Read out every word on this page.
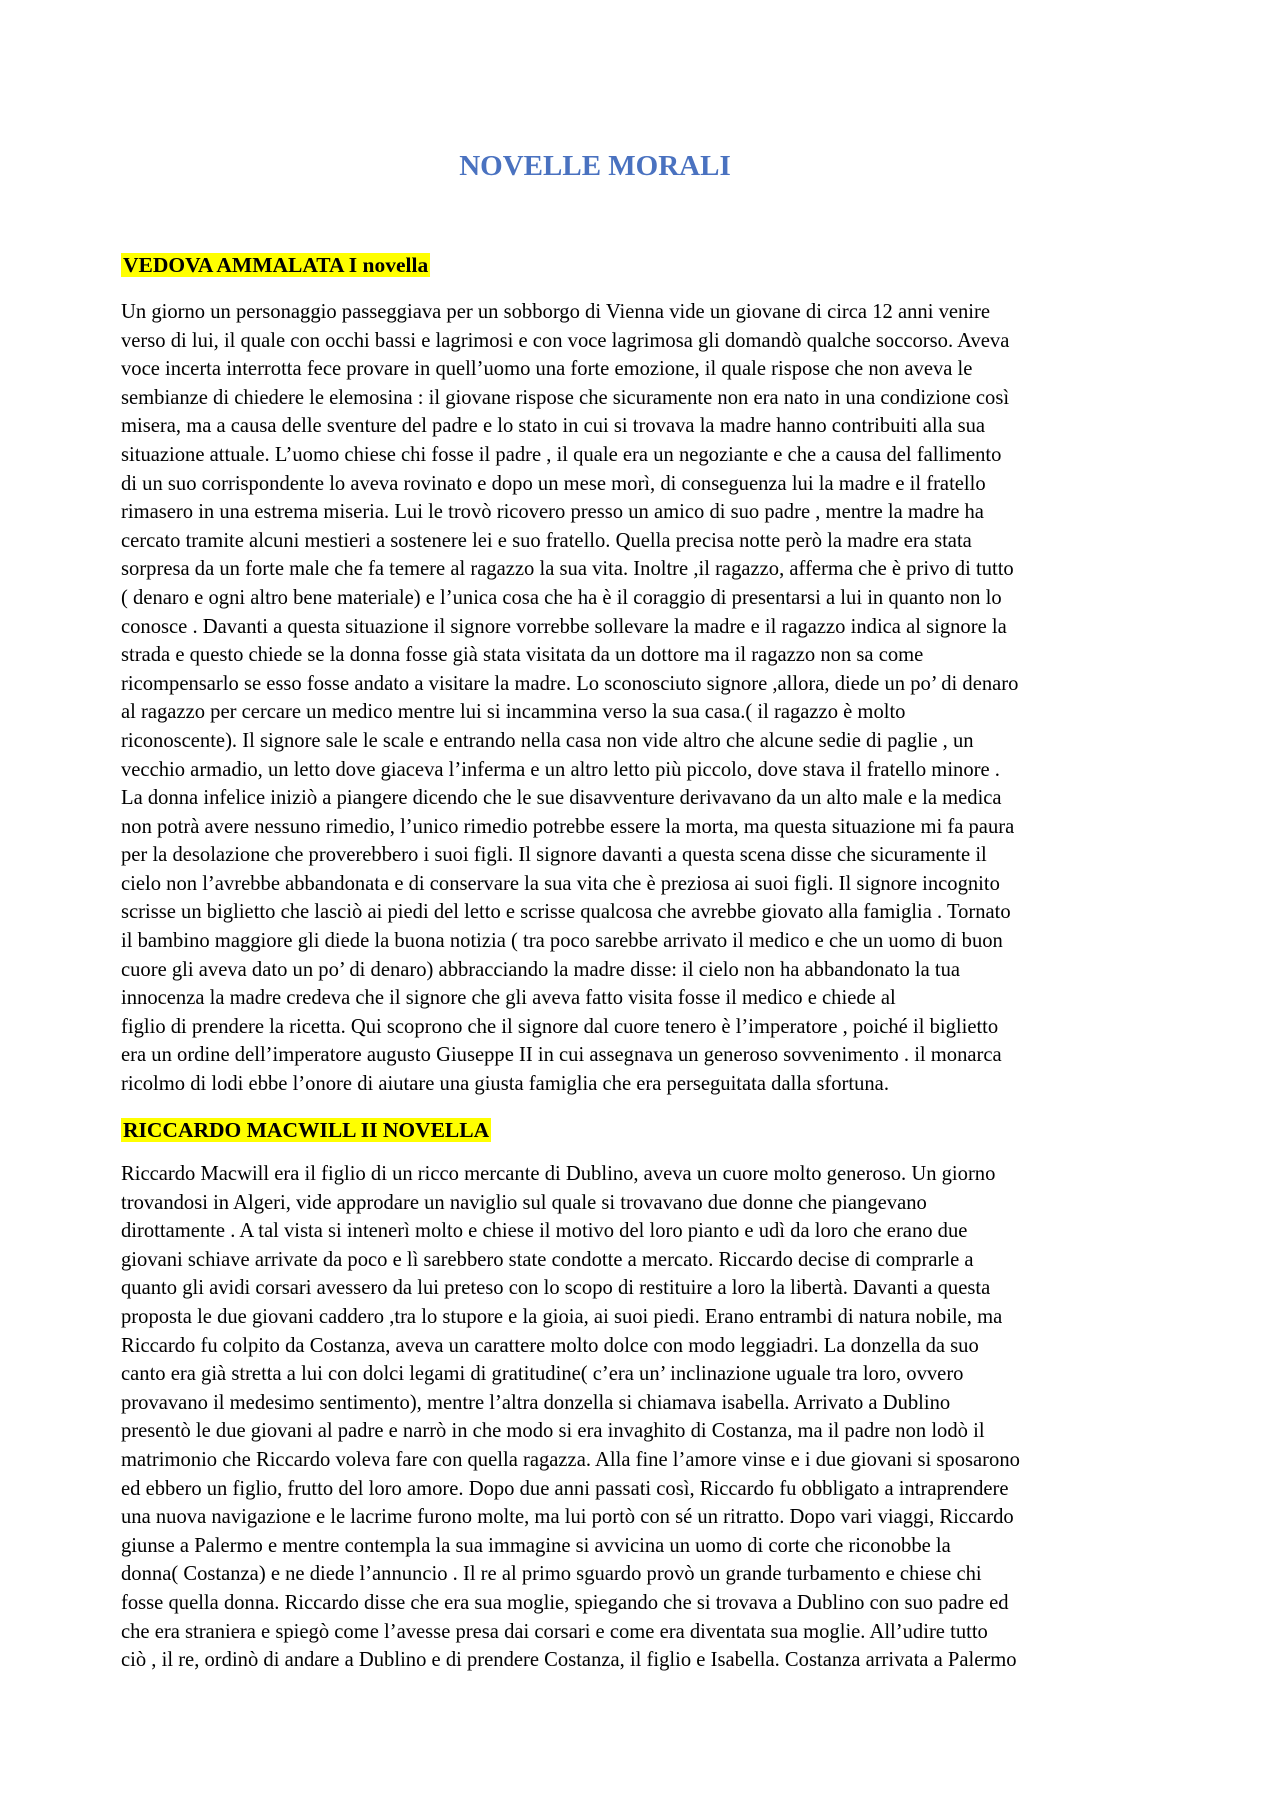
NOVELLE MORALI
VEDOVA AMMALATA I novella
Un giorno un personaggio passeggiava per un sobborgo di Vienna vide un giovane di circa 12 anni venire
verso di lui, il quale con occhi bassi e lagrimosi e con voce lagrimosa gli domandò qualche soccorso. Aveva
voce incerta interrotta fece provare in quell’uomo una forte emozione, il quale rispose che non aveva le
sembianze di chiedere le elemosina : il giovane rispose che sicuramente non era nato in una condizione così
misera, ma a causa delle sventure del padre e lo stato in cui si trovava la madre hanno contribuiti alla sua
situazione attuale. L’uomo chiese chi fosse il padre , il quale era un negoziante e che a causa del fallimento
di un suo corrispondente lo aveva rovinato e dopo un mese morì, di conseguenza lui la madre e il fratello
rimasero in una estrema miseria. Lui le trovò ricovero presso un amico di suo padre , mentre la madre ha
cercato tramite alcuni mestieri a sostenere lei e suo fratello. Quella precisa notte però la madre era stata
sorpresa da un forte male che fa temere al ragazzo la sua vita. Inoltre ,il ragazzo, afferma che è privo di tutto
( denaro e ogni altro bene materiale) e l’unica cosa che ha è il coraggio di presentarsi a lui in quanto non lo
conosce . Davanti a questa situazione il signore vorrebbe sollevare la madre e il ragazzo indica al signore la
strada e questo chiede se la donna fosse già stata visitata da un dottore ma il ragazzo non sa come
ricompensarlo se esso fosse andato a visitare la madre. Lo sconosciuto signore ,allora, diede un po’ di denaro
al ragazzo per cercare un medico mentre lui si incammina verso la sua casa.( il ragazzo è molto
riconoscente). Il signore sale le scale e entrando nella casa non vide altro che alcune sedie di paglie , un
vecchio armadio, un letto dove giaceva l’inferma e un altro letto più piccolo, dove stava il fratello minore .
La donna infelice iniziò a piangere dicendo che le sue disavventure derivavano da un alto male e la medica
non potrà avere nessuno rimedio, l’unico rimedio potrebbe essere la morta, ma questa situazione mi fa paura
per la desolazione che proverebbero i suoi figli. Il signore davanti a questa scena disse che sicuramente il
cielo non l’avrebbe abbandonata e di conservare la sua vita che è preziosa ai suoi figli. Il signore incognito
scrisse un biglietto che lasciò ai piedi del letto e scrisse qualcosa che avrebbe giovato alla famiglia . Tornato
il bambino maggiore gli diede la buona notizia ( tra poco sarebbe arrivato il medico e che un uomo di buon
cuore gli aveva dato un po’ di denaro) abbracciando la madre disse: il cielo non ha abbandonato la tua
innocenza la madre credeva che il signore che gli aveva fatto visita fosse il medico e chiede al
figlio di prendere la ricetta. Qui scoprono che il signore dal cuore tenero è l’imperatore , poiché il biglietto
era un ordine dell’imperatore augusto Giuseppe II in cui assegnava un generoso sovvenimento . il monarca
ricolmo di lodi ebbe l’onore di aiutare una giusta famiglia che era perseguitata dalla sfortuna.
RICCARDO MACWILL II NOVELLA
Riccardo Macwill era il figlio di un ricco mercante di Dublino, aveva un cuore molto generoso. Un giorno
trovandosi in Algeri, vide approdare un naviglio sul quale si trovavano due donne che piangevano
dirottamente . A tal vista si intenerì molto e chiese il motivo del loro pianto e udì da loro che erano due
giovani schiave arrivate da poco e lì sarebbero state condotte a mercato. Riccardo decise di comprarle a
quanto gli avidi corsari avessero da lui preteso con lo scopo di restituire a loro la libertà. Davanti a questa
proposta le due giovani caddero ,tra lo stupore e la gioia, ai suoi piedi. Erano entrambi di natura nobile, ma
Riccardo fu colpito da Costanza, aveva un carattere molto dolce con modo leggiadri. La donzella da suo
canto era già stretta a lui con dolci legami di gratitudine( c’era un’ inclinazione uguale tra loro, ovvero
provavano il medesimo sentimento), mentre l’altra donzella si chiamava isabella. Arrivato a Dublino
presentò le due giovani al padre e narrò in che modo si era invaghito di Costanza, ma il padre non lodò il
matrimonio che Riccardo voleva fare con quella ragazza. Alla fine l’amore vinse e i due giovani si sposarono
ed ebbero un figlio, frutto del loro amore. Dopo due anni passati così, Riccardo fu obbligato a intraprendere
una nuova navigazione e le lacrime furono molte, ma lui portò con sé un ritratto. Dopo vari viaggi, Riccardo
giunse a Palermo e mentre contempla la sua immagine si avvicina un uomo di corte che riconobbe la
donna( Costanza) e ne diede l’annuncio . Il re al primo sguardo provò un grande turbamento e chiese chi
fosse quella donna. Riccardo disse che era sua moglie, spiegando che si trovava a Dublino con suo padre ed
che era straniera e spiegò come l’avesse presa dai corsari e come era diventata sua moglie. All’udire tutto
ciò , il re, ordinò di andare a Dublino e di prendere Costanza, il figlio e Isabella. Costanza arrivata a Palermo
